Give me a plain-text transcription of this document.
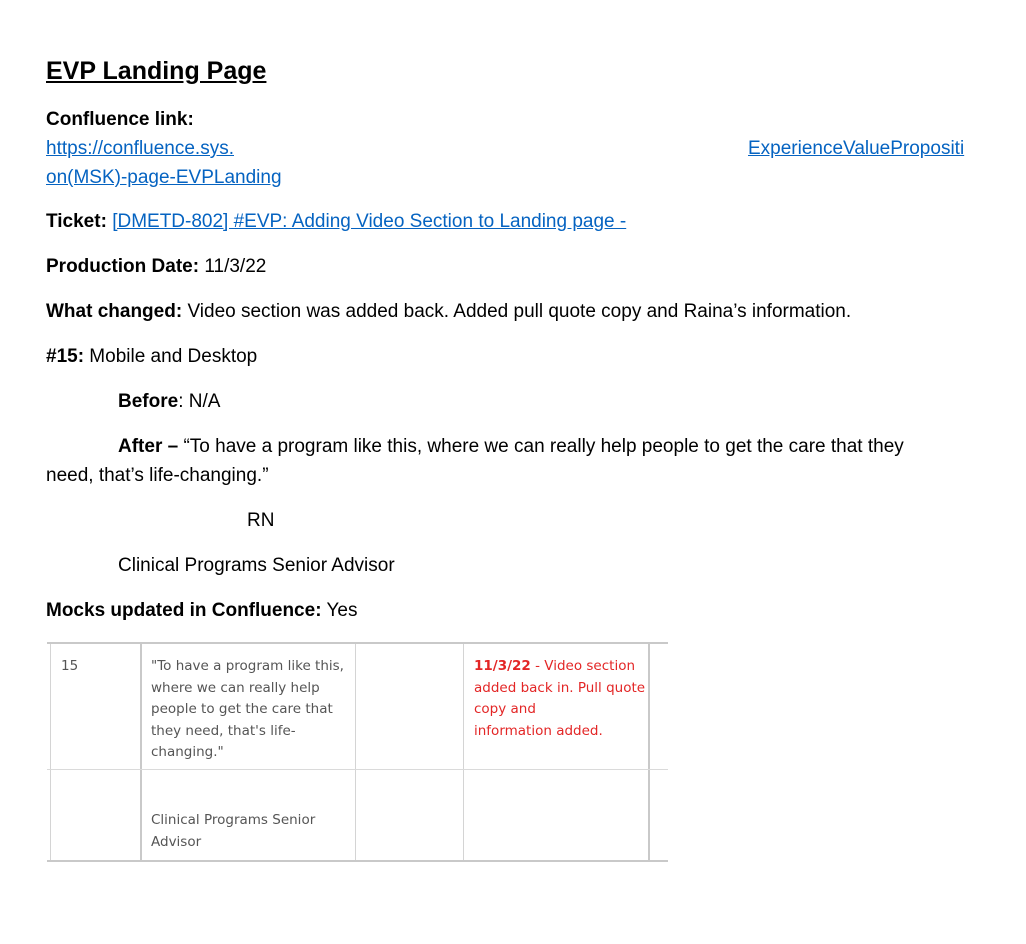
EVP Landing Page
Confluence link:
https://confluence.sys.	ExperienceValuePropositi
on(MSK)-page-EVPLanding
Ticket: [DMETD-802] #EVP: Adding Video Section to Landing page -
Production Date: 11/3/22
What changed: Video section was added back. Added pull quote copy and Raina’s information.
#15: Mobile and Desktop
Before: N/A
After – “To have a program like this, where we can really help people to get the care that they
need, that’s life-changing.”
RN
Clinical Programs Senior Advisor
Mocks updated in Confluence: Yes
15	"To have a program like this,
where we can really help
people to get the care that
they need, that's life-
changing."
11/3/22 - Video section
added back in. Pull quote
copy and
information added.
Clinical Programs Senior
Advisor
